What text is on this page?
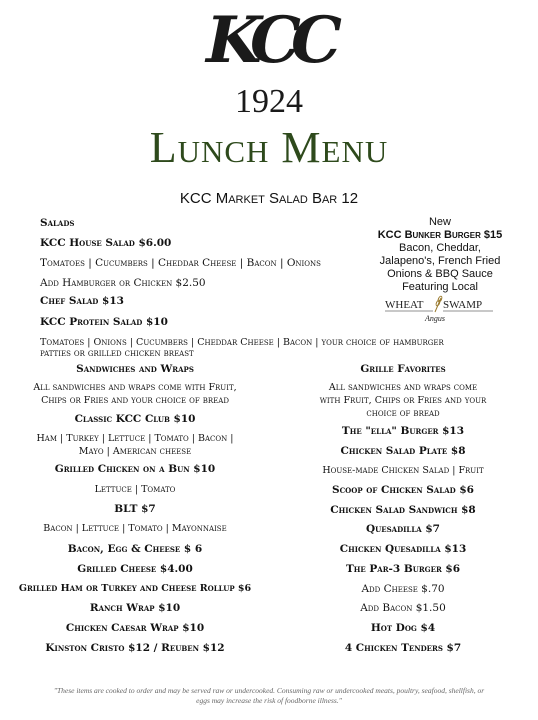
KCC
1924
Lunch Menu
KCC Market Salad Bar 12
Salads
KCC House Salad $6.00
Tomatoes | Cucumbers | Cheddar Cheese | Bacon | Onions
Add Hamburger or Chicken $2.50
Chef Salad $13
KCC Protein Salad $10
Tomatoes | Onions | Cucumbers | Cheddar Cheese | Bacon | your choice of hamburger
patties or grilled chicken breast
New
KCC Bunker Burger $15
Bacon, Cheddar,
Jalapeno's, French Fried
Onions & BBQ Sauce
Featuring Local
WHEAT SWAMP
Angus
Sandwiches and Wraps
All sandwiches and wraps come with Fruit,
Chips or Fries and your choice of bread
Classic KCC Club $10
Ham | Turkey | Lettuce | Tomato | Bacon |
Mayo | American cheese
Grilled Chicken on a Bun $10
Lettuce | Tomato
BLT $7
Bacon | Lettuce | Tomato | Mayonnaise
Bacon, Egg & Cheese $ 6
Grilled Cheese $4.00
Grilled Ham or Turkey and Cheese Rollup $6
Ranch Wrap $10
Chicken Caesar Wrap $10
Kinston Cristo $12 / Reuben $12
Grille Favorites
All sandwiches and wraps come
with Fruit, Chips or Fries and your
choice of bread
The "ella" Burger $13
Chicken Salad Plate $8
House-made Chicken Salad | Fruit
Scoop of Chicken Salad $6
Chicken Salad Sandwich $8
Quesadilla $7
Chicken Quesadilla $13
The Par-3 Burger $6
Add Cheese $.70
Add Bacon $1.50
Hot Dog $4
4 Chicken Tenders $7
"These items are cooked to order and may be served raw or undercooked. Consuming raw or undercooked meats, poultry, seafood, shellfish, or
eggs may increase the risk of foodborne illness."
